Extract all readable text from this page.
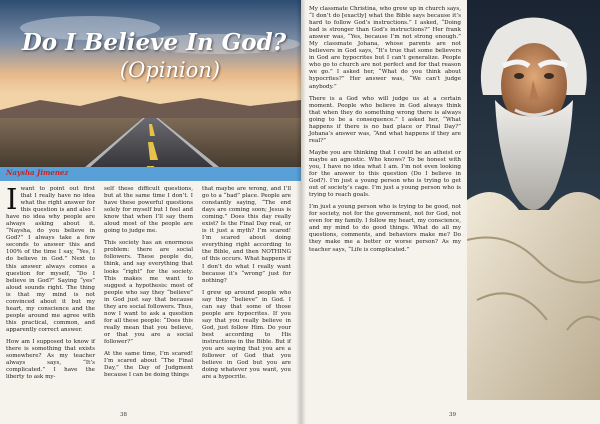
Do I Believe In God?
(Opinion)
Naysha Jimenez

Iwant to point out first that I really have no idea what the right answer for this question is and also I have no idea why people are always asking about it. “Naysha, do you believe in God?” I always take a few seconds to answer this and 100% of the time I say, “Yes, I do believe in God.” Next to this answer always comes a question for myself, “Do I believe in God?” Saying “yes” aloud sounds right. The thing is that my mind is not convinced about it but my heart, my conscience and the people around me agree with this practical, common, and apparently correct answer.

How am I supposed to know if there is something that exists somewhere? As my teacher always says, “It’s complicated.” I have the liberty to ask my-

self these difficult questions, but at the same time I don’t. I have these powerful questions solely for myself but I feel and know that when I’ll say them aloud most of the people are going to judge me.

This society has an enormous problem: there are social followers. These people do, think, and say everything that looks “right” for the society. This makes me want to suggest a hypothesis: most of people who say they “believe” in God just say that because they are social followers. Thus, now I want to ask a question for all these people: “Does this really mean that you believe, or that you are a social follower?”

At the same time, I’m scared! I’m scared about “The Final Day,” the Day of Judgment because I can be doing things

that maybe are wrong, and I’ll go to a “bad” place. People are constantly saying, “The end days are coming soon; Jesus is coming.” Does this day really exist? Is the Final Day real, or is it just a myth? I’m scared! I’m scared about doing everything right according to the Bible, and then NOTHING of this occurs. What happens if I don’t do what I really want because it’s “wrong” just for nothing?

I grew up around people who say they “believe” in God. I can say that some of those people are hypocrites. If you say that you really believe in God, just follow Him. Do your best according to His instructions in the Bible. But if you are saying that you are a follower of God that you believe in God but you are doing whatever you want, you are a hypocrite.

38

My classmate Christina, who grew up in church says, “I don’t do [exactly] what the Bible says because it’s hard to follow God’s instructions.” I asked, “Doing bad is stronger than God’s instructions?” Her frank answer was, “Yes, because I’m not strong enough.” My classmate Johana, whose parents are not believers in God says, “It’s true that some believers in God are hypocrites but I can’t generalize. People who go to church are not perfect and for that reason we go.” I asked her, “What do you think about hypocrites?” Her answer was, “We can’t judge anybody.”

There is a God who will judge us at a certain moment. People who believe in God always think that when they do something wrong there is always going to be a consequence.” I asked her, “What happens if there is no bad place or Final Day?” Johana’s answer was, “And what happens if they are real?”

Maybe you are thinking that I could be an atheist or maybe an agnostic. Who knows? To be honest with you, I have no idea what I am. I’m not even looking for the answer to this question (Do I believe in God?). I’m just a young person who is trying to get out of society’s cage. I’m just a young person who is trying to reach goals.

I’m just a young person who is trying to be good, not for society, not for the government, not for God, not even for my family. I follow my heart, my conscience, and my mind to do good things. What do all my questions, comments, and behaviors make me? Do they make me a better or worse person? As my teacher says, “Life is complicated.”

39
